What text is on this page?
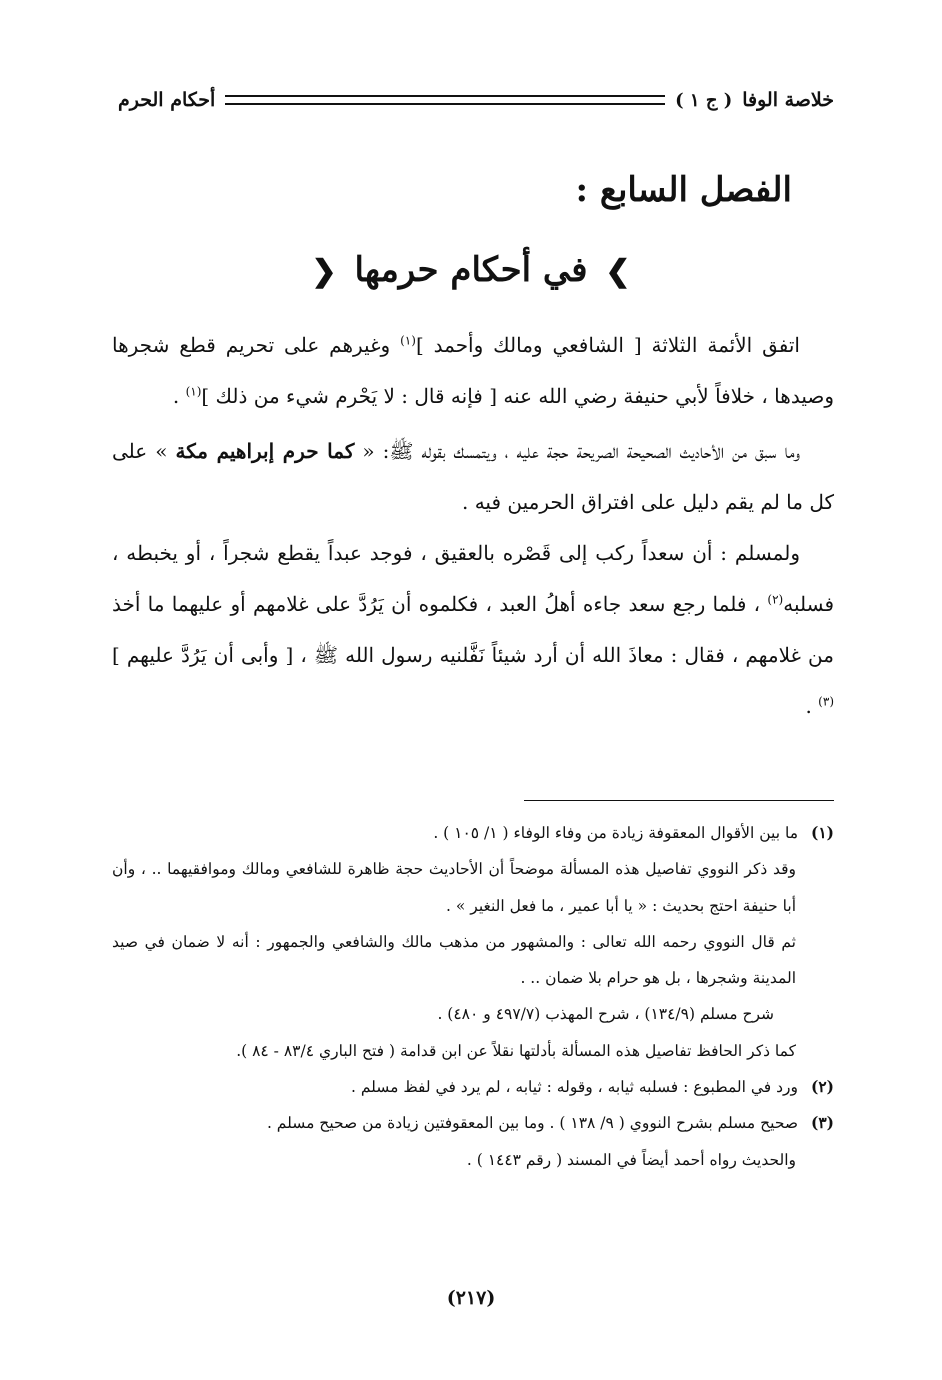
خلاصة الوفا
( ج ١ )
أحكام الحرم
الفصل السابع :
❯ في أحكام حرمها ❮

اتفق الأئمة الثلاثة [ الشافعي ومالك وأحمد ]$^{(١)}$ وغيرهم على تحريم قطع شجرها وصيدها ، خلافاً لأبي حنيفة رضي الله عنه [ فإنه قال : لا يَحْرم شيء من ذلك ]$^{(١)}$ .

وما سبق من الأحاديث الصحيحة الصريحة حجة عليه ، ويتمسك بقوله ﷺ: « كما حرم إبراهيم مكة » على كل ما لم يقم دليل على افتراق الحرمين فيه .

ولمسلم : أن سعداً ركب إلى قَصْره بالعقيق ، فوجد عبداً يقطع شجراً ، أو يخبطه ، فسلبه$^{(٢)}$ ، فلما رجع سعد جاءه أهلُ العبد ، فكلموه أن يَرُدَّ على غلامهم أو عليهما ما أخذ من غلامهم ، فقال : معاذَ الله أن أرد شيئاً نَفَّلنيه رسول الله ﷺ ، [ وأبى أن يَرُدَّ عليهم ]$^{(٣)}$ .

(١)ما بين الأقوال المعقوفة زيادة من وفاء الوفاء ( ١/ ١٠٥ ) .

وقد ذكر النووي تفاصيل هذه المسألة موضحاً أن الأحاديث حجة ظاهرة للشافعي ومالك وموافقيهما .. ، وأن أبا حنيفة احتج بحديث : « يا أبا عمير ، ما فعل النغير » .

ثم قال النووي رحمه الله تعالى : والمشهور من مذهب مالك والشافعي والجمهور : أنه لا ضمان في صيد المدينة وشجرها ، بل هو حرام بلا ضمان .. .

شرح مسلم (١٣٤/٩) ، شرح المهذب (٤٩٧/٧ و ٤٨٠) .

كما ذكر الحافظ تفاصيل هذه المسألة بأدلتها نقلاً عن ابن قدامة ( فتح الباري ٨٣/٤ - ٨٤ ).

(٢)ورد في المطبوع : فسلبه ثيابه ، وقوله : ثيابه ، لم يرد في لفظ مسلم .

(٣)صحيح مسلم بشرح النووي ( ٩/ ١٣٨ ) . وما بين المعقوفتين زيادة من صحيح مسلم .

والحديث رواه أحمد أيضاً في المسند ( رقم ١٤٤٣ ) .

(٢١٧)
